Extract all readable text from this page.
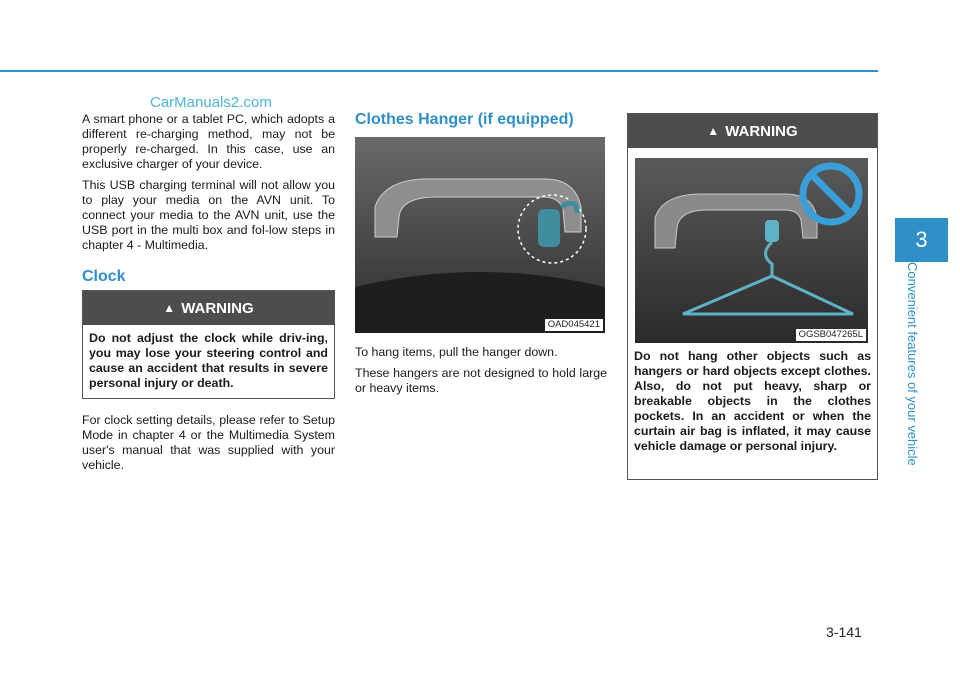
CarManuals2.com

A smart phone or a tablet PC, which adopts a different re-charging method, may not be properly re-charged. In this case, use an exclusive charger of your device.

This USB charging terminal will not allow you to play your media on the AVN unit. To connect your media to the AVN unit, use the USB port in the multi box and fol-low steps in chapter 4 - Multimedia.

Clock
▲ WARNING
Do not adjust the clock while driv-ing, you may lose your steering control and cause an accident that results in severe personal injury or death.

For clock setting details, please refer to Setup Mode in chapter 4 or the Multimedia System user's manual that was supplied with your vehicle.

Clothes Hanger (if equipped)
OAD045421

To hang items, pull the hanger down.

These hangers are not designed to hold large or heavy items.

▲ WARNING
OGSB047265L
Do not hang other objects such as hangers or hard objects except clothes. Also, do not put heavy, sharp or breakable objects in the clothes pockets. In an accident or when the curtain air bag is inflated, it may cause vehicle damage or personal injury.
3
Convenient features of your vehicle
3-141
